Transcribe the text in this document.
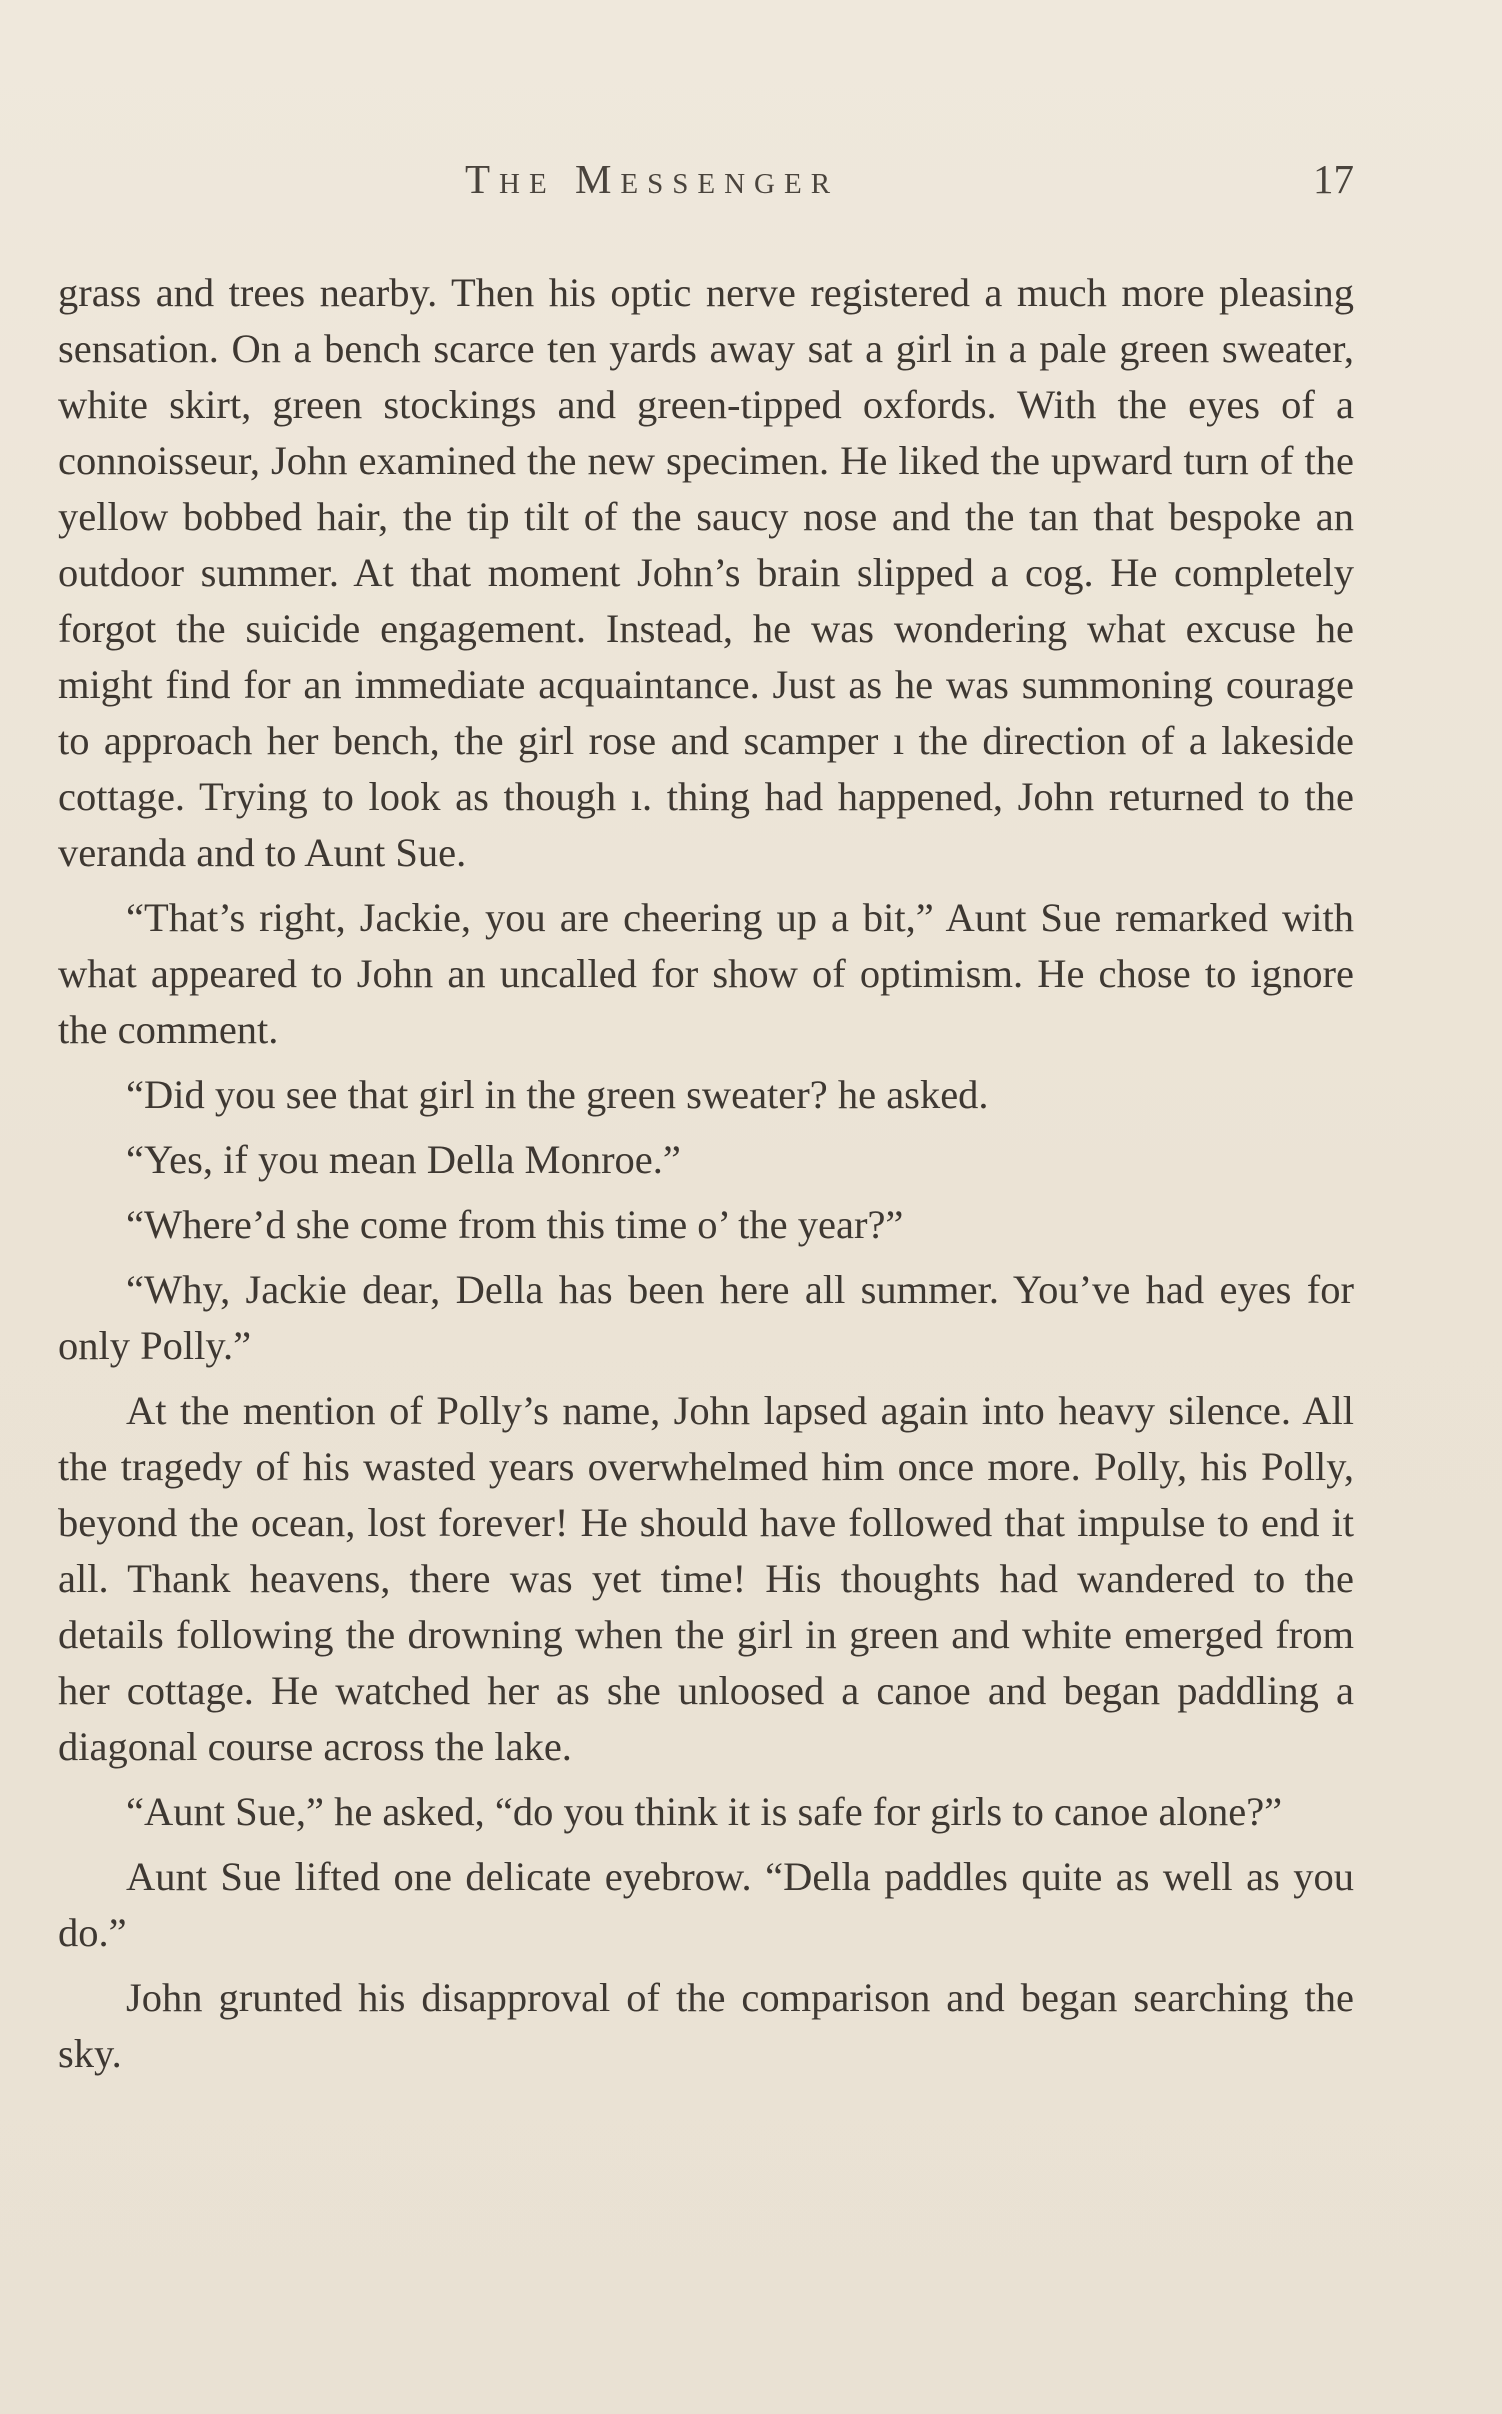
The Messenger	17

grass and trees nearby. Then his optic nerve registered a much more pleasing sensation. On a bench scarce ten yards away sat a girl in a pale green sweater, white skirt, green stockings and green-tipped oxfords. With the eyes of a connoisseur, John examined the new specimen. He liked the upward turn of the yellow bobbed hair, the tip tilt of the saucy nose and the tan that bespoke an outdoor summer. At that moment John’s brain slipped a cog. He completely forgot the suicide engagement. Instead, he was wondering what excuse he might find for an immediate acquaintance. Just as he was summoning courage to approach her bench, the girl rose and scamper ı the direction of a lakeside cottage. Trying to look as though ı. thing had happened, John returned to the veranda and to Aunt Sue.

“That’s right, Jackie, you are cheering up a bit,” Aunt Sue remarked with what appeared to John an uncalled for show of optimism. He chose to ignore the comment.

“Did you see that girl in the green sweater? he asked.

“Yes, if you mean Della Monroe.”

“Where’d she come from this time o’ the year?”

“Why, Jackie dear, Della has been here all summer. You’ve had eyes for only Polly.”

At the mention of Polly’s name, John lapsed again into heavy silence. All the tragedy of his wasted years overwhelmed him once more. Polly, his Polly, beyond the ocean, lost forever! He should have followed that impulse to end it all. Thank heavens, there was yet time! His thoughts had wandered to the details following the drowning when the girl in green and white emerged from her cottage. He watched her as she unloosed a canoe and began paddling a diagonal course across the lake.

“Aunt Sue,” he asked, “do you think it is safe for girls to canoe alone?”

Aunt Sue lifted one delicate eyebrow. “Della paddles quite as well as you do.”

John grunted his disapproval of the comparison and began searching the sky.
